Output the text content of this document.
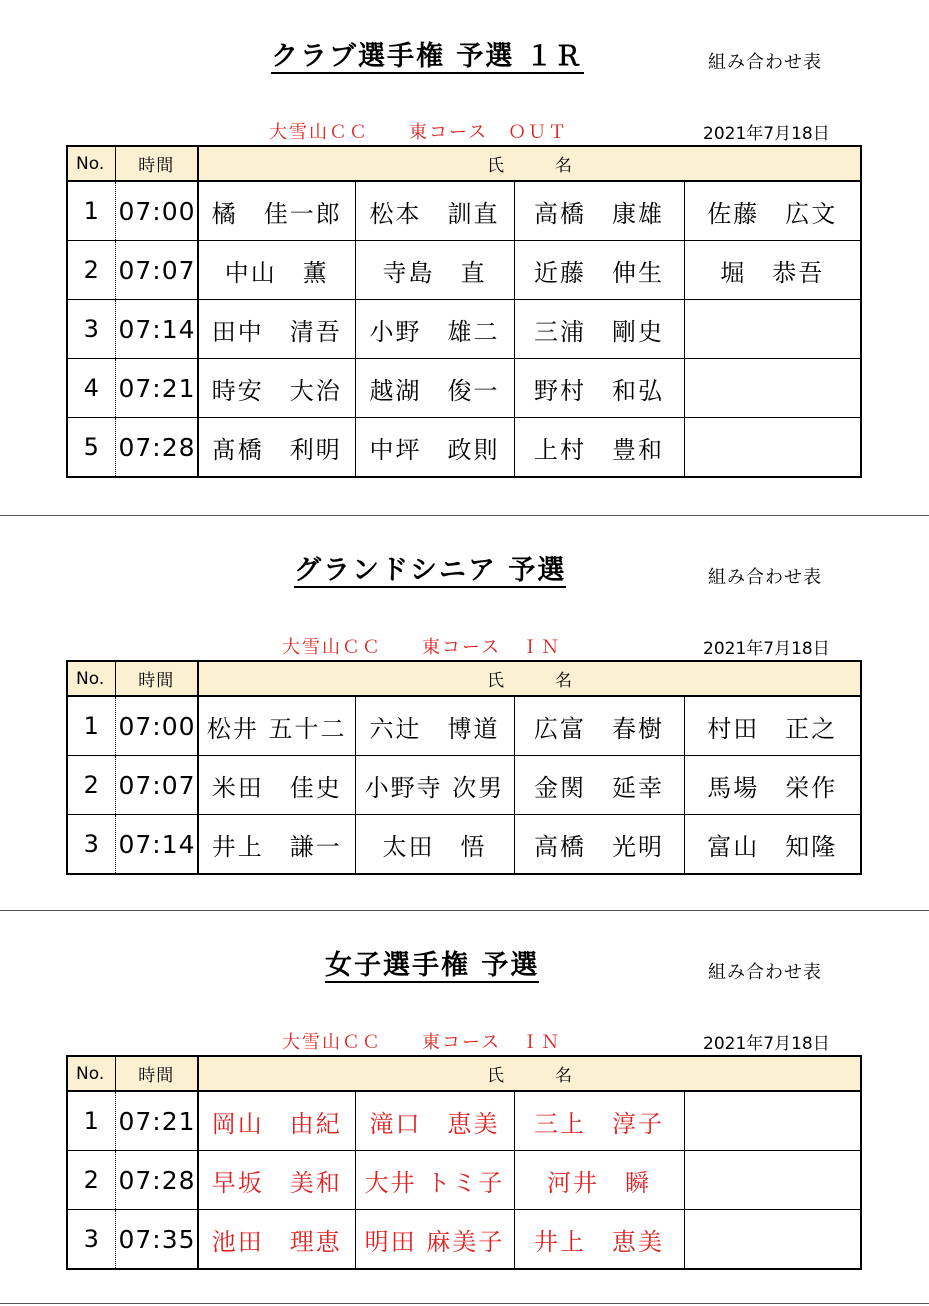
クラブ選手権 予選 １Ｒ	組み合わせ表
大雪山ＣＣ　　東コース　ＯＵＴ	2021年7月18日
No.	時間	氏　　　名			
1	07:00	橘　佳一郎	松本　訓直	高橋　康雄	佐藤　広文
2	07:07	中山　薫	寺島　直	近藤　伸生	堀　恭吾
3	07:14	田中　清吾	小野　雄二	三浦　剛史	
4	07:21	時安　大治	越湖　俊一	野村　和弘	
5	07:28	髙橋　利明	中坪　政則	上村　豊和	
グランドシニア 予選	組み合わせ表
大雪山ＣＣ　　東コース　ＩＮ	2021年7月18日
No.	時間	氏　　　名			
1	07:00	松井 五十二	六辻　博道	広富　春樹	村田　正之
2	07:07	米田　佳史	小野寺 次男	金関　延幸	馬場　栄作
3	07:14	井上　謙一	太田　悟	高橋　光明	富山　知隆
女子選手権 予選	組み合わせ表
大雪山ＣＣ　　東コース　ＩＮ	2021年7月18日
No.	時間	氏　　　名			
1	07:21	岡山　由紀	滝口　恵美	三上　淳子	
2	07:28	早坂　美和	大井 トミ子	河井　瞬	
3	07:35	池田　理恵	明田 麻美子	井上　恵美	
